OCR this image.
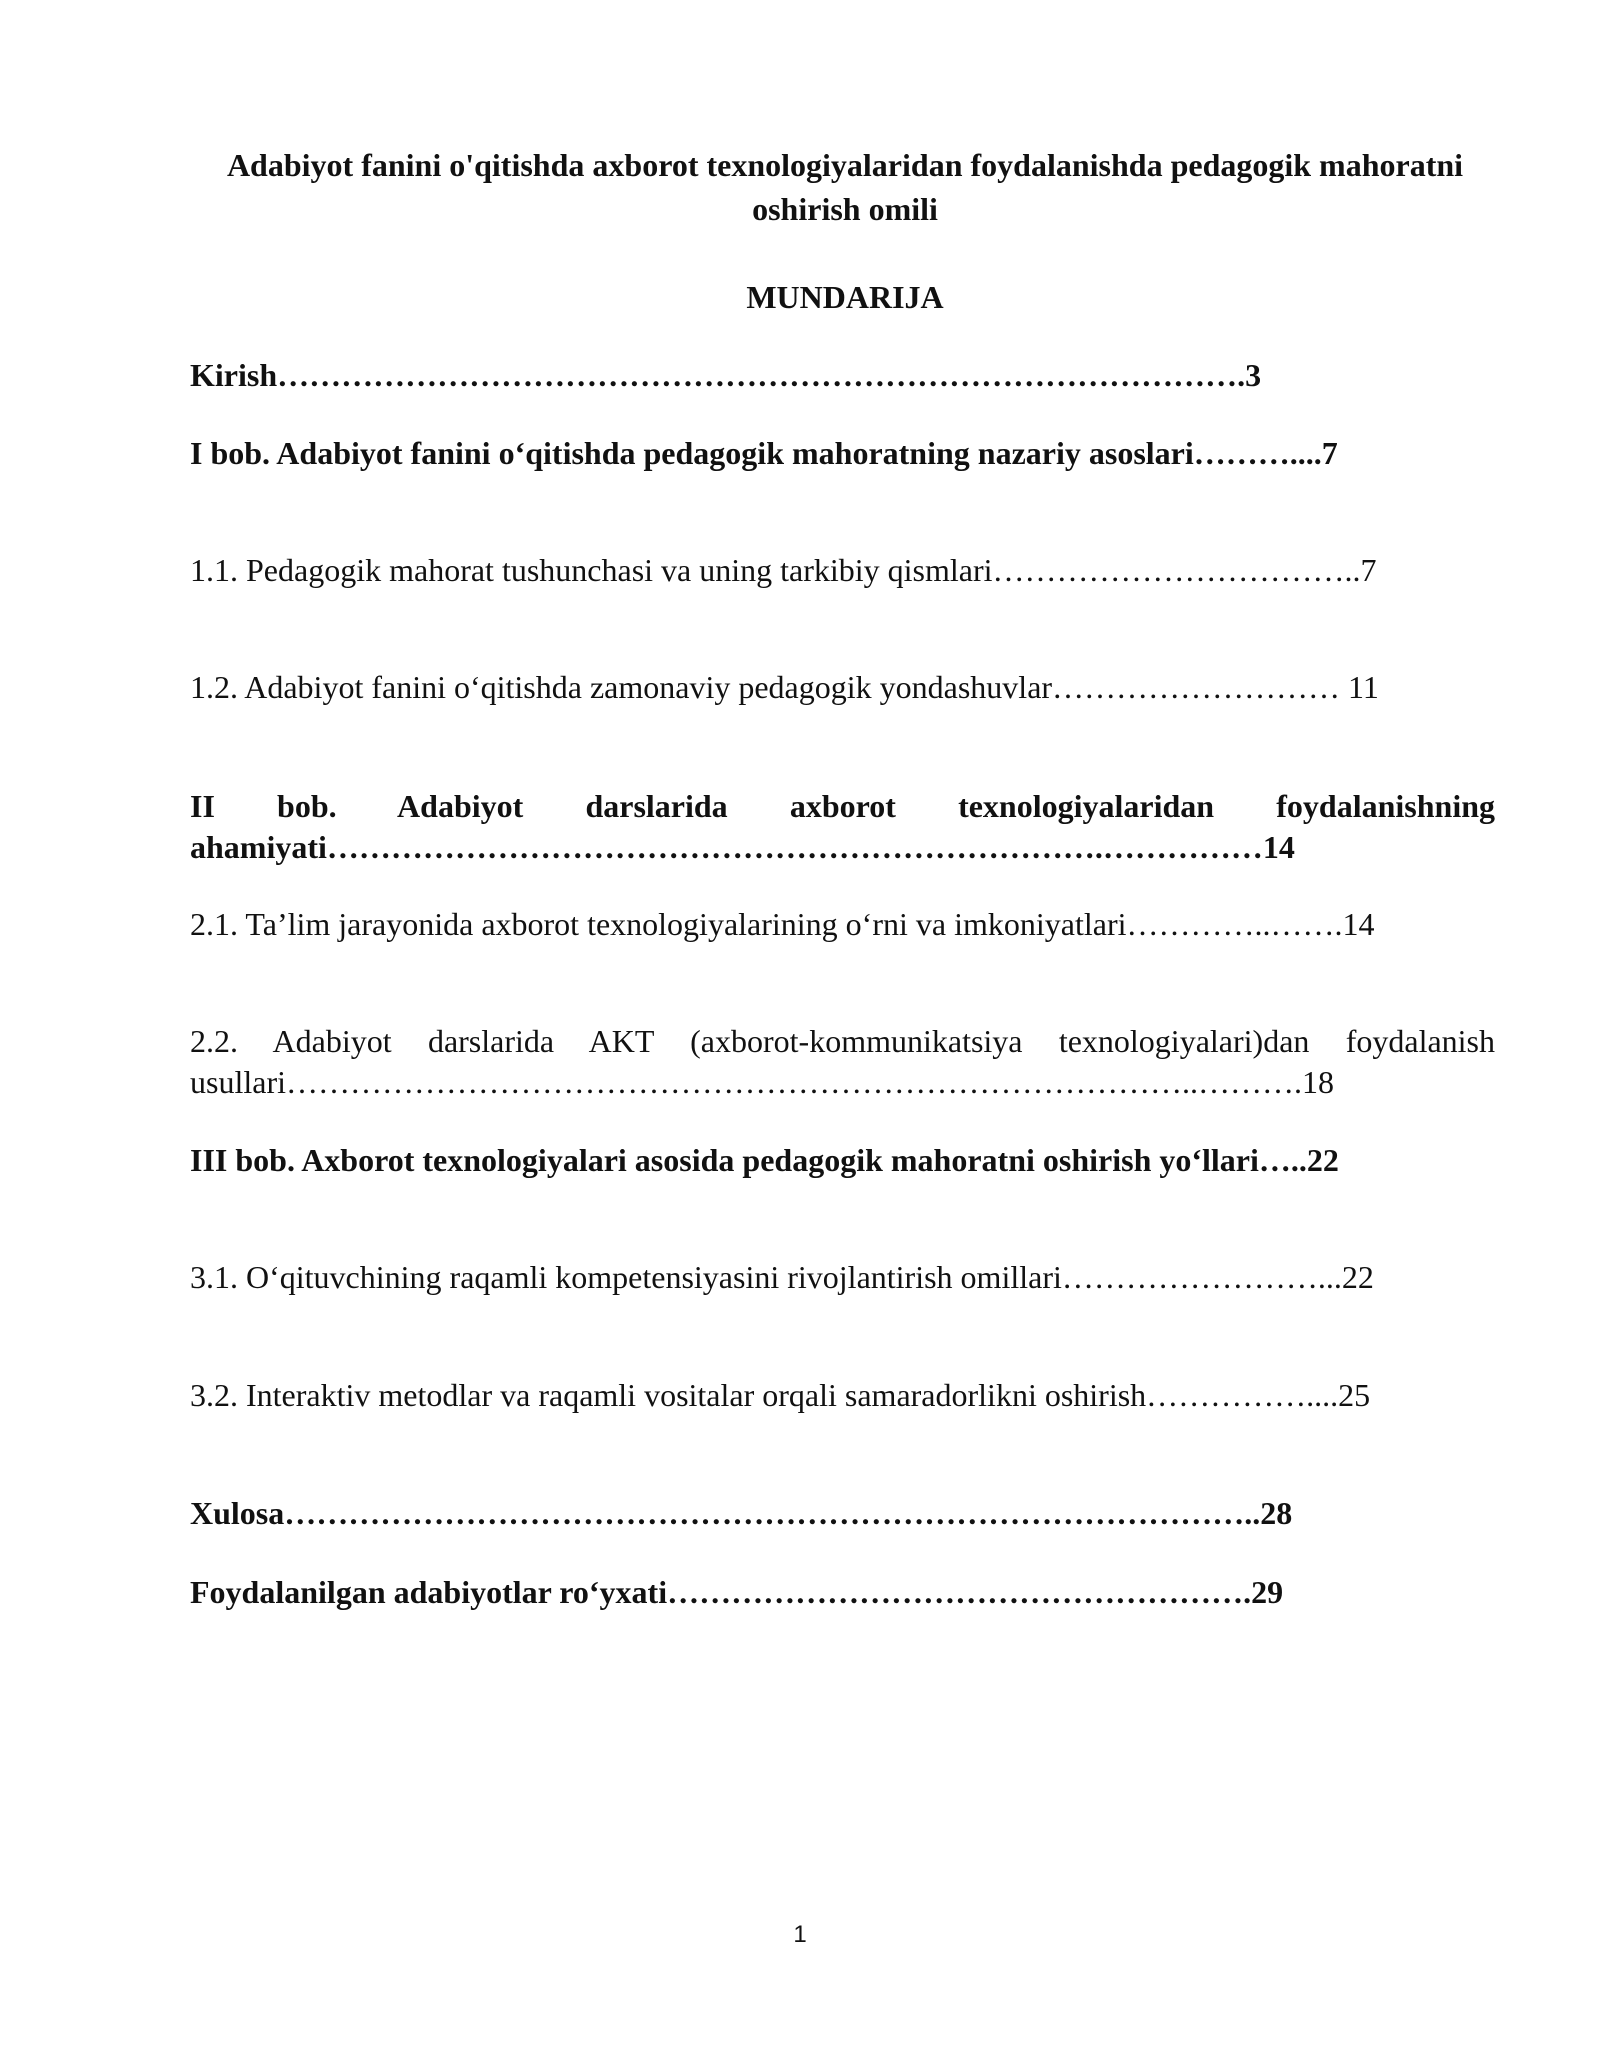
Adabiyot fanini o'qitishda axborot texnologiyalaridan foydalanishda pedagogik mahoratni oshirish omili
MUNDARIJA
Kirish……………………………………………………………………………….3
I bob. Adabiyot fanini o‘qitishda pedagogik mahoratning nazariy asoslari………....7
1.1. Pedagogik mahorat tushunchasi va uning tarkibiy qismlari……………………………..7
1.2. Adabiyot fanini o‘qitishda zamonaviy pedagogik yondashuvlar……………………… 11
II bob. Adabiyot darslarida axborot texnologiyalaridan foydalanishning ahamiyati……………………………………………………………….……………14
2.1. Ta’lim jarayonida axborot texnologiyalarining o‘rni va imkoniyatlari…………..…….14
2.2. Adabiyot darslarida AKT (axborot-kommunikatsiya texnologiyalari)dan foydalanish usullari…………………………………………………………………………..……….18
III bob. Axborot texnologiyalari asosida pedagogik mahoratni oshirish yo‘llari…..22
3.1. O‘qituvchining raqamli kompetensiyasini rivojlantirish omillari……………………...22
3.2. Interaktiv metodlar va raqamli vositalar orqali samaradorlikni oshirish……………....25
Xulosa………………………………………………………………………………..28
Foydalanilgan adabiyotlar ro‘yxati……………………………………………….29
1
